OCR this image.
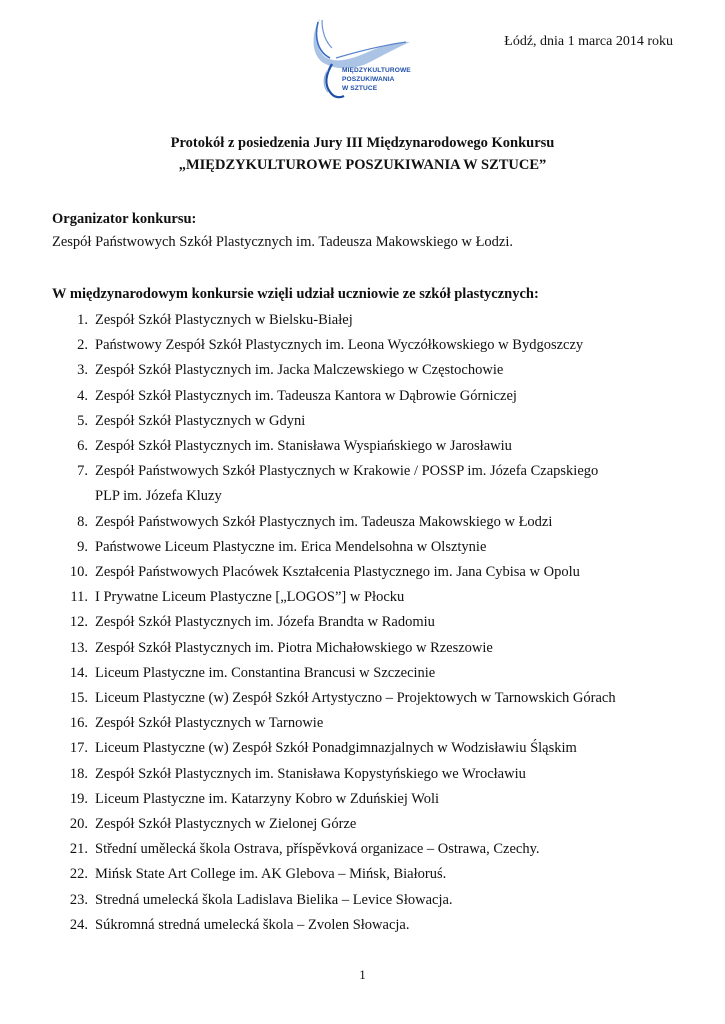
MIĘDZYKULTUROWE
POSZUKIWANIA
W SZTUCE
Łódź, dnia 1 marca 2014 roku
Protokół z posiedzenia Jury III Międzynarodowego Konkursu
„MIĘDZYKULTUROWE POSZUKIWANIA W SZTUCE”
Organizator konkursu:
Zespół Państwowych Szkół Plastycznych im. Tadeusza Makowskiego w Łodzi.
W międzynarodowym konkursie wzięli udział uczniowie ze szkół plastycznych:
1. Zespół Szkół Plastycznych w Bielsku-Białej
2. Państwowy Zespół Szkół Plastycznych im. Leona Wyczółkowskiego w Bydgoszczy
3. Zespół Szkół Plastycznych im. Jacka Malczewskiego w Częstochowie
4. Zespół Szkół Plastycznych im. Tadeusza Kantora w Dąbrowie Górniczej
5. Zespół Szkół Plastycznych w Gdyni
6. Zespół Szkół Plastycznych im. Stanisława Wyspiańskiego w Jarosławiu
7. Zespół Państwowych Szkół Plastycznych w Krakowie / POSSP im. Józefa Czapskiego
PLP im. Józefa Kluzy
8. Zespół Państwowych Szkół Plastycznych im. Tadeusza Makowskiego w Łodzi
9. Państwowe Liceum Plastyczne im. Erica Mendelsohna w Olsztynie
10. Zespół Państwowych Placówek Kształcenia Plastycznego im. Jana Cybisa w Opolu
11. I Prywatne Liceum Plastyczne [„LOGOS”] w Płocku
12. Zespół Szkół Plastycznych im. Józefa Brandta w Radomiu
13. Zespół Szkół Plastycznych im. Piotra Michałowskiego w Rzeszowie
14. Liceum Plastyczne im. Constantina Brancusi w Szczecinie
15. Liceum Plastyczne (w) Zespół Szkół Artystyczno – Projektowych w Tarnowskich Górach
16. Zespół Szkół Plastycznych w Tarnowie
17. Liceum Plastyczne (w) Zespół Szkół Ponadgimnazjalnych w Wodzisławiu Śląskim
18. Zespół Szkół Plastycznych im. Stanisława Kopystyńskiego we Wrocławiu
19. Liceum Plastyczne im. Katarzyny Kobro w Zduńskiej Woli
20. Zespół Szkół Plastycznych w Zielonej Górze
21. Střední umělecká škola Ostrava, příspěvková organizace – Ostrawa, Czechy.
22. Mińsk State Art College im. AK Glebova – Mińsk, Białoruś.
23. Stredná umelecká škola Ladislava Bielika – Levice Słowacja.
24. Súkromná stredná umelecká škola – Zvolen Słowacja.
1
